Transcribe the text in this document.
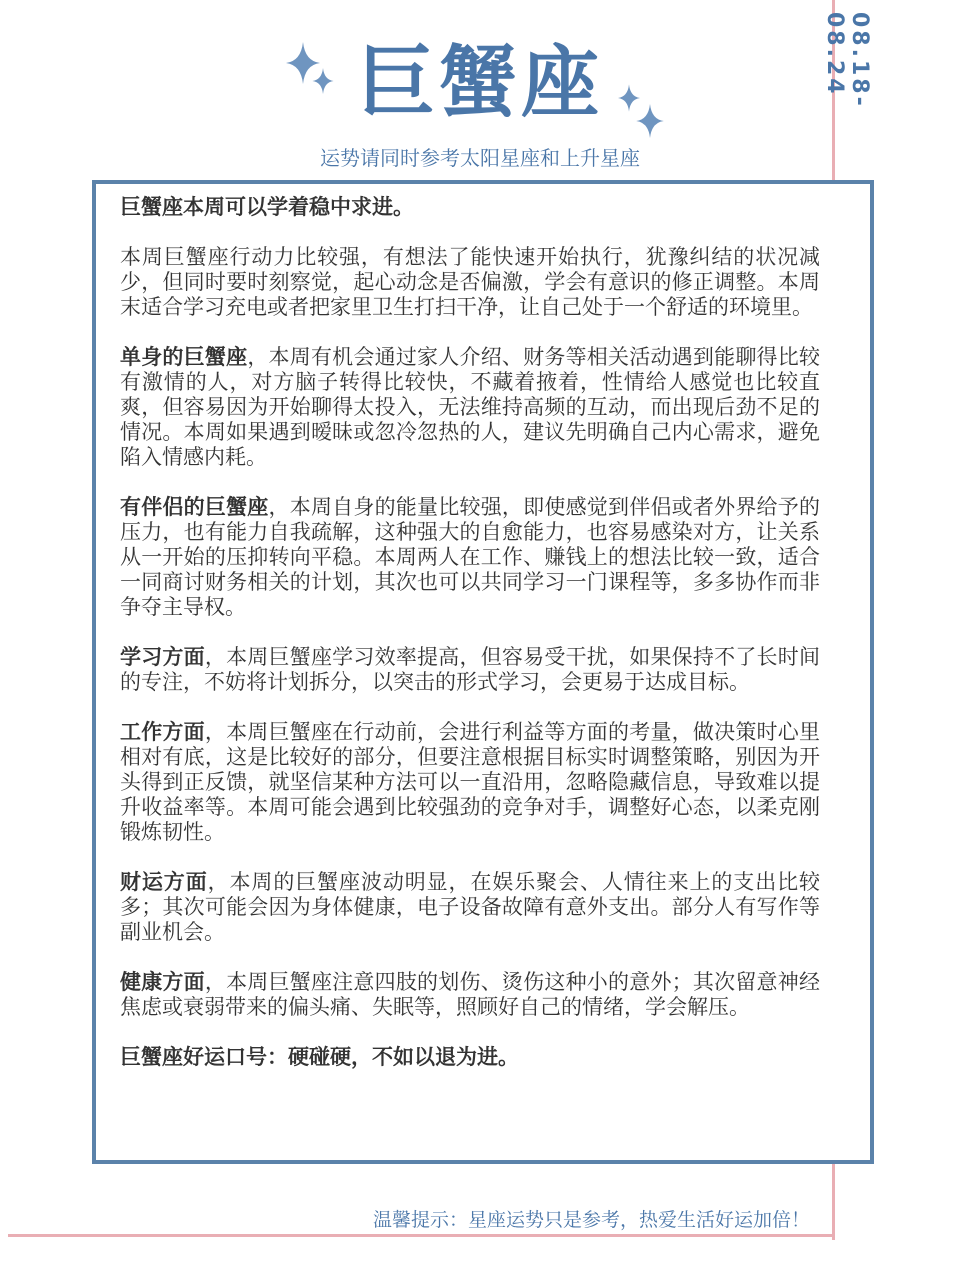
巨蟹座
运势请同时参考太阳星座和上升星座
08.18-08.24

巨蟹座本周可以学着稳中求进。

本周巨蟹座行动力比较强，有想法了能快速开始执行，犹豫纠结的状况减少，但同时要时刻察觉，起心动念是否偏激，学会有意识的修正调整。本周末适合学习充电或者把家里卫生打扫干净，让自己处于一个舒适的环境里。

单身的巨蟹座，本周有机会通过家人介绍、财务等相关活动遇到能聊得比较有激情的人，对方脑子转得比较快，不藏着掖着，性情给人感觉也比较直爽，但容易因为开始聊得太投入，无法维持高频的互动，而出现后劲不足的情况。本周如果遇到暧昧或忽冷忽热的人，建议先明确自己内心需求，避免陷入情感内耗。

有伴侣的巨蟹座，本周自身的能量比较强，即使感觉到伴侣或者外界给予的压力，也有能力自我疏解，这种强大的自愈能力，也容易感染对方，让关系从一开始的压抑转向平稳。本周两人在工作、赚钱上的想法比较一致，适合一同商讨财务相关的计划，其次也可以共同学习一门课程等，多多协作而非争夺主导权。

学习方面，本周巨蟹座学习效率提高，但容易受干扰，如果保持不了长时间的专注，不妨将计划拆分，以突击的形式学习，会更易于达成目标。

工作方面，本周巨蟹座在行动前，会进行利益等方面的考量，做决策时心里相对有底，这是比较好的部分，但要注意根据目标实时调整策略，别因为开头得到正反馈，就坚信某种方法可以一直沿用，忽略隐藏信息，导致难以提升收益率等。本周可能会遇到比较强劲的竞争对手，调整好心态，以柔克刚锻炼韧性。

财运方面，本周的巨蟹座波动明显，在娱乐聚会、人情往来上的支出比较多；其次可能会因为身体健康，电子设备故障有意外支出。部分人有写作等副业机会。

健康方面，本周巨蟹座注意四肢的划伤、烫伤这种小的意外；其次留意神经焦虑或衰弱带来的偏头痛、失眠等，照顾好自己的情绪，学会解压。

巨蟹座好运口号：硬碰硬，不如以退为进。

温馨提示：星座运势只是参考，热爱生活好运加倍！
